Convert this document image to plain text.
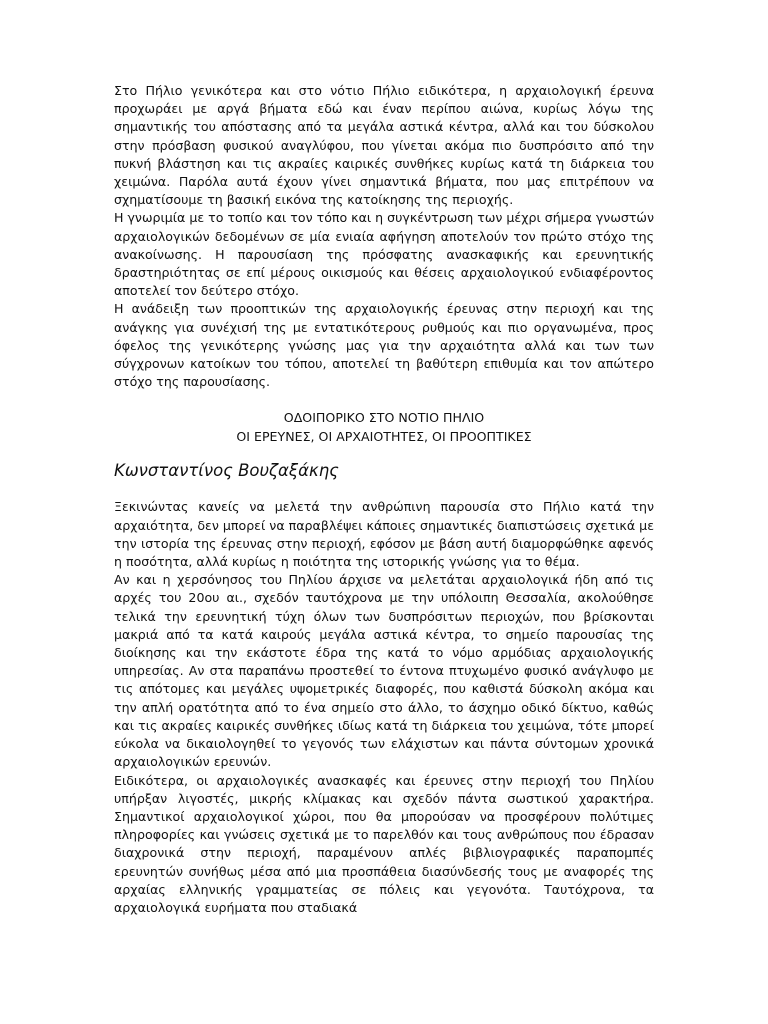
Στο Πήλιο γενικότερα και στο νότιο Πήλιο ειδικότερα, η αρχαιολογική έρευνα προχωράει με αργά βήματα εδώ και έναν περίπου αιώνα, κυρίως λόγω της σημαντικής του απόστασης από τα μεγάλα αστικά κέντρα, αλλά και του δύσκολου στην πρόσβαση φυσικού αναγλύφου, που γίνεται ακόμα πιο δυσπρόσιτο από την πυκνή βλάστηση και τις ακραίες καιρικές συνθήκες κυρίως κατά τη διάρκεια του χειμώνα. Παρόλα αυτά έχουν γίνει σημαντικά βήματα, που μας επιτρέπουν να σχηματίσουμε τη βασική εικόνα της κατοίκησης της περιοχής.

Η γνωριμία με το τοπίο και τον τόπο και η συγκέντρωση των μέχρι σήμερα γνωστών αρχαιολογικών δεδομένων σε μία ενιαία αφήγηση αποτελούν τον πρώτο στόχο της ανακοίνωσης. Η παρουσίαση της πρόσφατης ανασκαφικής και ερευνητικής δραστηριότητας σε επί μέρους οικισμούς και θέσεις αρχαιολογικού ενδιαφέροντος αποτελεί τον δεύτερο στόχο.

Η ανάδειξη των προοπτικών της αρχαιολογικής έρευνας στην περιοχή και της ανάγκης για συνέχισή της με εντατικότερους ρυθμούς και πιο οργανωμένα, προς όφελος της γενικότερης γνώσης μας για την αρχαιότητα αλλά και των των σύγχρονων κατοίκων του τόπου, αποτελεί τη βαθύτερη επιθυμία και τον απώτερο στόχο της παρουσίασης.

ΟΔΟΙΠΟΡΙΚΟ ΣΤΟ ΝΟΤΙΟ ΠΗΛΙΟ
ΟΙ ΕΡΕΥΝΕΣ, ΟΙ ΑΡΧΑΙΟΤΗΤΕΣ, ΟΙ ΠΡΟΟΠΤΙΚΕΣ
Κωνσταντίνος Βουζαξάκης

Ξεκινώντας κανείς να μελετά την ανθρώπινη παρουσία στο Πήλιο κατά την αρχαιότητα, δεν μπορεί να παραβλέψει κάποιες σημαντικές διαπιστώσεις σχετικά με την ιστορία της έρευνας στην περιοχή, εφόσον με βάση αυτή διαμορφώθηκε αφενός η ποσότητα, αλλά κυρίως η ποιότητα της ιστορικής γνώσης για το θέμα.

Αν και η χερσόνησος του Πηλίου άρχισε να μελετάται αρχαιολογικά ήδη από τις αρχές του 20ου αι., σχεδόν ταυτόχρονα με την υπόλοιπη Θεσσαλία, ακολούθησε τελικά την ερευνητική τύχη όλων των δυσπρόσιτων περιοχών, που βρίσκονται μακριά από τα κατά καιρούς μεγάλα αστικά κέντρα, το σημείο παρουσίας της διοίκησης και την εκάστοτε έδρα της κατά το νόμο αρμόδιας αρχαιολογικής υπηρεσίας. Αν στα παραπάνω προστεθεί το έντονα πτυχωμένο φυσικό ανάγλυφο με τις απότομες και μεγάλες υψομετρικές διαφορές, που καθιστά δύσκολη ακόμα και την απλή ορατότητα από το ένα σημείο στο άλλο, το άσχημο οδικό δίκτυο, καθώς και τις ακραίες καιρικές συνθήκες ιδίως κατά τη διάρκεια του χειμώνα, τότε μπορεί εύκολα να δικαιολογηθεί το γεγονός των ελάχιστων και πάντα σύντομων χρονικά αρχαιολογικών ερευνών.

Ειδικότερα, οι αρχαιολογικές ανασκαφές και έρευνες στην περιοχή του Πηλίου υπήρξαν λιγοστές, μικρής κλίμακας και σχεδόν πάντα σωστικού χαρακτήρα. Σημαντικοί αρχαιολογικοί χώροι, που θα μπορούσαν να προσφέρουν πολύτιμες πληροφορίες και γνώσεις σχετικά με το παρελθόν και τους ανθρώπους που έδρασαν διαχρονικά στην περιοχή, παραμένουν απλές βιβλιογραφικές παραπομπές ερευνητών συνήθως μέσα από μια προσπάθεια διασύνδεσής τους με αναφορές της αρχαίας ελληνικής γραμματείας σε πόλεις και γεγονότα. Ταυτόχρονα, τα αρχαιολογικά ευρήματα που σταδιακά
